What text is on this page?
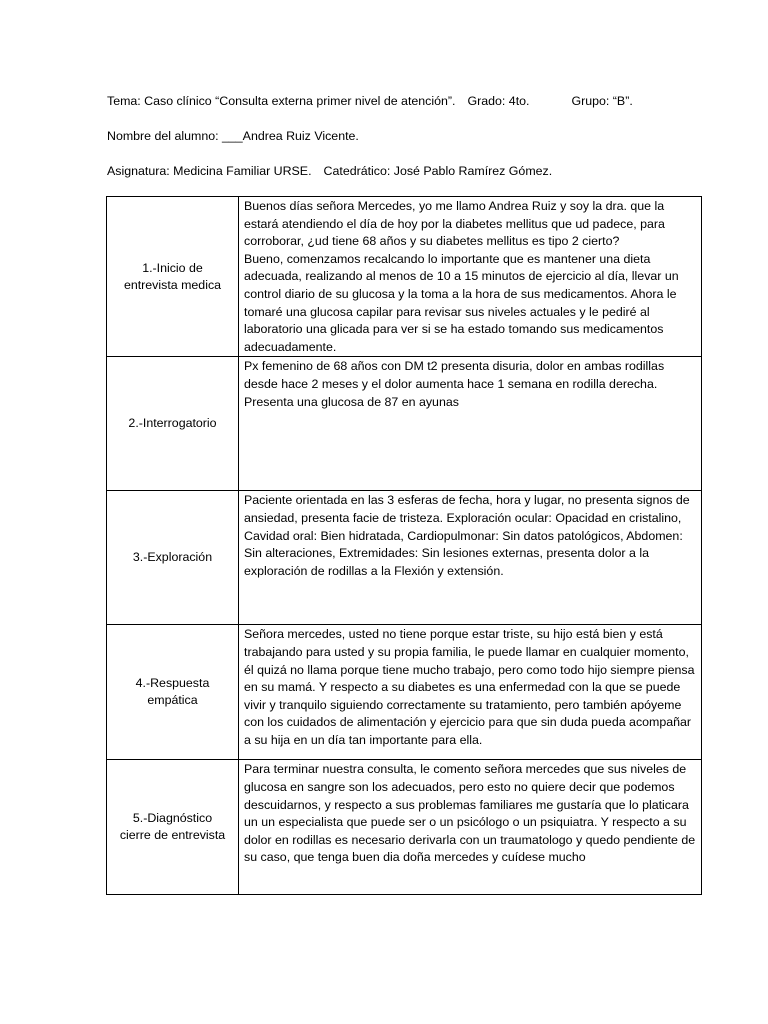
Tema: Caso clínico “Consulta externa primer nivel de atención”. Grado: 4to.	Grupo: “B”.
Nombre del alumno: ___Andrea Ruiz Vicente.
Asignatura: Medicina Familiar URSE. Catedrático: José Pablo Ramírez Gómez.
1.-Inicio de entrevista medica	Buenos días señora Mercedes, yo me llamo Andrea Ruiz y soy la dra. que la estará atendiendo el día de hoy por la diabetes mellitus que ud padece, para corroborar, ¿ud tiene 68 años y su diabetes mellitus es tipo 2 cierto?
Bueno, comenzamos recalcando lo importante que es mantener una dieta adecuada, realizando al menos de 10 a 15 minutos de ejercicio al día, llevar un control diario de su glucosa y la toma a la hora de sus medicamentos. Ahora le tomaré una glucosa capilar para revisar sus niveles actuales y le pediré al laboratorio una glicada para ver si se ha estado tomando sus medicamentos adecuadamente.

2.-Interrogatorio	Px femenino de 68 años con DM t2 presenta disuria, dolor en ambas rodillas desde hace 2 meses y el dolor aumenta hace 1 semana en rodilla derecha. Presenta una glucosa de 87 en ayunas

3.-Exploración	Paciente orientada en las 3 esferas de fecha, hora y lugar, no presenta signos de ansiedad, presenta facie de tristeza. Exploración ocular: Opacidad en cristalino, Cavidad oral: Bien hidratada, Cardiopulmonar: Sin datos patológicos, Abdomen: Sin alteraciones, Extremidades: Sin lesiones externas, presenta dolor a la exploración de rodillas a la Flexión y extensión.

4.-Respuesta empática	Señora mercedes, usted no tiene porque estar triste, su hijo está bien y está trabajando para usted y su propia familia, le puede llamar en cualquier momento, él quizá no llama porque tiene mucho trabajo, pero como todo hijo siempre piensa en su mamá. Y respecto a su diabetes es una enfermedad con la que se puede vivir y tranquilo siguiendo correctamente su tratamiento, pero también apóyeme con los cuidados de alimentación y ejercicio para que sin duda pueda acompañar a su hija en un día tan importante para ella.

5.-Diagnóstico cierre de entrevista	Para terminar nuestra consulta, le comento señora mercedes que sus niveles de glucosa en sangre son los adecuados, pero esto no quiere decir que podemos descuidarnos, y respecto a sus problemas familiares me gustaría que lo platicara un un especialista que puede ser o un psicólogo o un psiquiatra. Y respecto a su dolor en rodillas es necesario derivarla con un traumatologo y quedo pendiente de su caso, que tenga buen dia doña mercedes y cuídese mucho
